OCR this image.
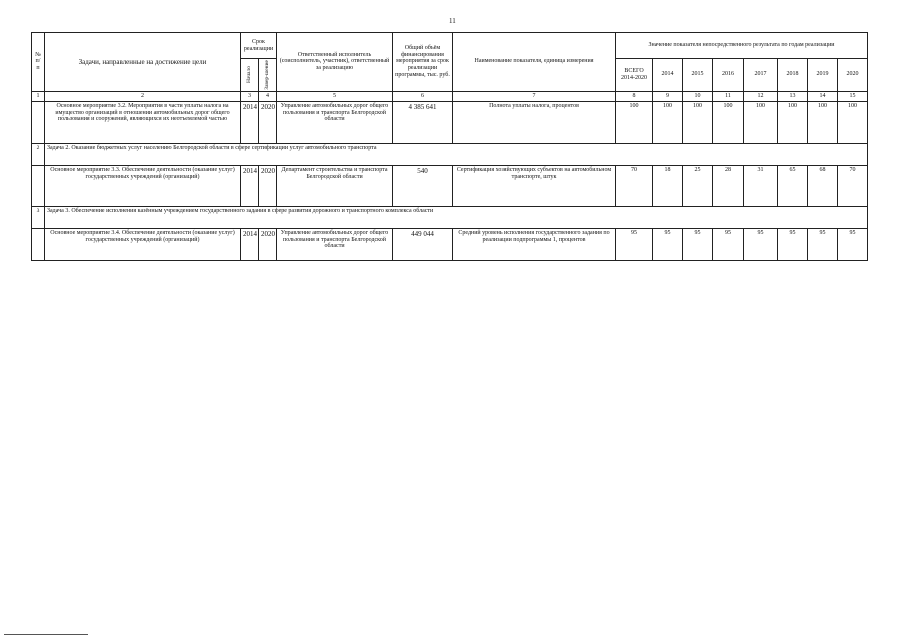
11
№ п/п	Задачи, направленные на достижение цели	Срок реализации		Ответственный исполнитель (соисполнитель, участник), ответственный за реализацию	Общий объём финансирования мероприятия за срок реализации программы, тыс. руб.	Наименование показателя, единица измерения	Значение показателя непосредственного результата по годам реализации							

		Начало	Завер-шение				ВСЕГО 2014-2020	2014	2015	2016	2017	2018	2019	2020
1	2	3	4	5	6	7	8	9	10	11	12	13	14	15
	Основное мероприятие 3.2. Мероприятия в части уплаты налога на имущество организаций в отношении автомобильных дорог общего пользования и сооружений, являющихся их неотъемлемой частью	2014	2020	Управление автомобильных дорог общего пользования и транспорта Белгородской области	4 385 641	Полнота уплаты налога, процентов	100	100	100	100	100	100	100	100
2	Задача 2. Оказание бюджетных услуг населению Белгородской области в сфере сертификации услуг автомобильного транспорта													
	Основное мероприятие 3.3. Обеспечение деятельности (оказание услуг) государственных учреждений (организаций)	2014	2020	Департамент строительства и транспорта Белгородской области	540	Сертификация хозяйствующих субъектов на автомобильном транспорте, штук	70	18	25	28	31	65	68	70
3	Задача 3. Обеспечение исполнения казённым учреждением государственного задания в сфере развития дорожного и транспортного комплекса области													
	Основное мероприятие 3.4. Обеспечение деятельности (оказание услуг) государственных учреждений (организаций)	2014	2020	Управление автомобильных дорог общего пользования и транспорта Белгородской области	449 044	Средний уровень исполнения государственного задания по реализации подпрограммы 1, процентов	95	95	95	95	95	95	95	95
